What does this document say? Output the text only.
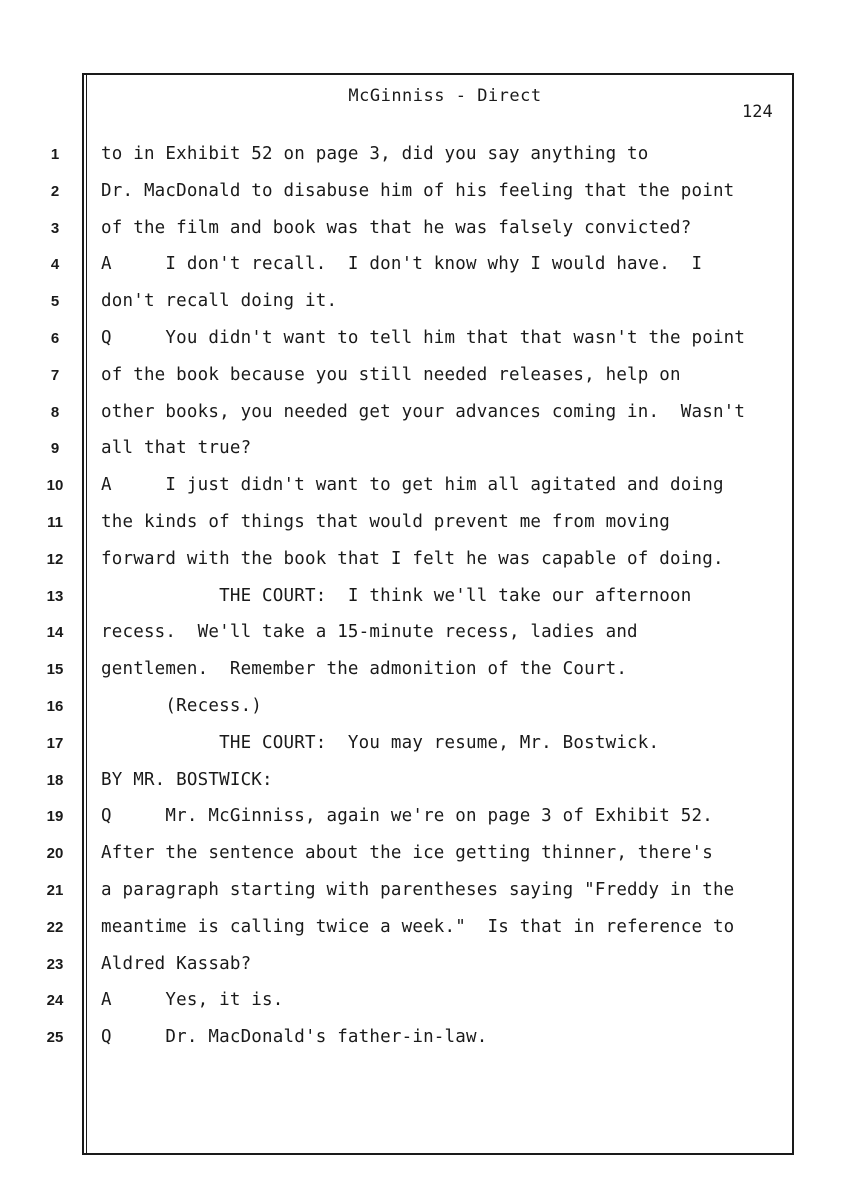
McGinniss - Direct
124
1	to in Exhibit 52 on page 3, did you say anything to
2	Dr. MacDonald to disabuse him of his feeling that the point
3	of the film and book was that he was falsely convicted?
4	A     I don't recall.  I don't know why I would have.  I
5	don't recall doing it.
6	Q     You didn't want to tell him that that wasn't the point
7	of the book because you still needed releases, help on
8	other books, you needed get your advances coming in.  Wasn't
9	all that true?
10	A     I just didn't want to get him all agitated and doing
11	the kinds of things that would prevent me from moving
12	forward with the book that I felt he was capable of doing.
13	THE COURT:  I think we'll take our afternoon
14	recess.  We'll take a 15-minute recess, ladies and
15	gentlemen.  Remember the admonition of the Court.
16	(Recess.)
17	THE COURT:  You may resume, Mr. Bostwick.
18	BY MR. BOSTWICK:
19	Q     Mr. McGinniss, again we're on page 3 of Exhibit 52.
20	After the sentence about the ice getting thinner, there's
21	a paragraph starting with parentheses saying "Freddy in the
22	meantime is calling twice a week."  Is that in reference to
23	Aldred Kassab?
24	A     Yes, it is.
25	Q     Dr. MacDonald's father-in-law.
